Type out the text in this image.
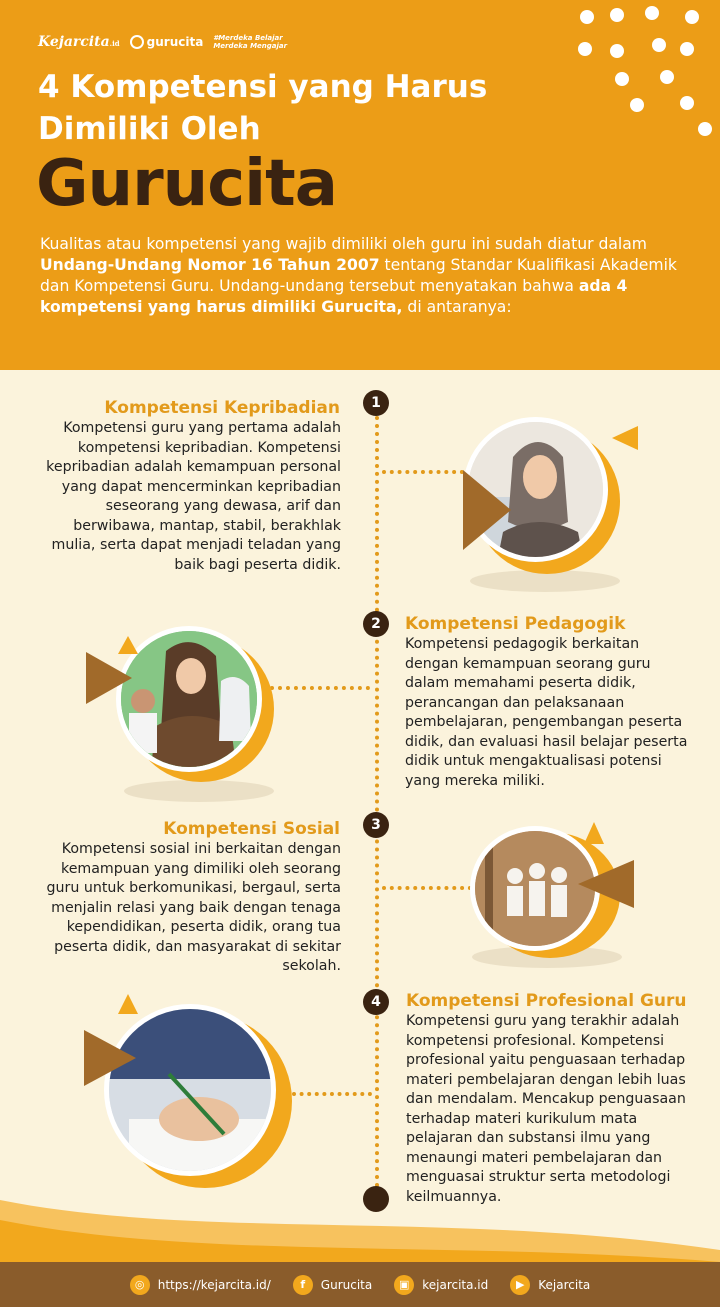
Kejarcita.id gurucita #Merdeka Belajar
Merdeka Mengajar
4 Kompetensi yang Harus Dimiliki Oleh
Gurucita
Kualitas atau kompetensi yang wajib dimiliki oleh guru ini sudah diatur dalam Undang-Undang Nomor 16 Tahun 2007 tentang Standar Kualifikasi Akademik dan Kompetensi Guru. Undang-undang tersebut menyatakan bahwa ada 4 kompetensi yang harus dimiliki Gurucita, di antaranya:
1
2
3
4
Kompetensi Kepribadian
Kompetensi guru yang pertama adalah kompetensi kepribadian. Kompetensi kepribadian adalah kemampuan personal yang dapat mencerminkan kepribadian seseorang yang dewasa, arif dan berwibawa, mantap, stabil, berakhlak mulia, serta dapat menjadi teladan yang baik bagi peserta didik.
Kompetensi Pedagogik
Kompetensi pedagogik berkaitan dengan kemampuan seorang guru dalam memahami peserta didik, perancangan dan pelaksanaan pembelajaran, pengembangan peserta didik, dan evaluasi hasil belajar peserta didik untuk mengaktualisasi potensi yang mereka miliki.
Kompetensi Sosial
Kompetensi sosial ini berkaitan dengan kemampuan yang dimiliki oleh seorang guru untuk berkomunikasi, bergaul, serta menjalin relasi yang baik dengan tenaga kependidikan, peserta didik, orang tua peserta didik, dan masyarakat di sekitar sekolah.
Kompetensi Profesional Guru
Kompetensi guru yang terakhir adalah kompetensi profesional. Kompetensi profesional yaitu penguasaan terhadap materi pembelajaran dengan lebih luas dan mendalam. Mencakup penguasaan terhadap materi kurikulum mata pelajaran dan substansi ilmu yang menaungi materi pembelajaran dan menguasai struktur serta metodologi keilmuannya.
◎	https://kejarcita.id/	f	Gurucita	▣	kejarcita.id	▶	Kejarcita
